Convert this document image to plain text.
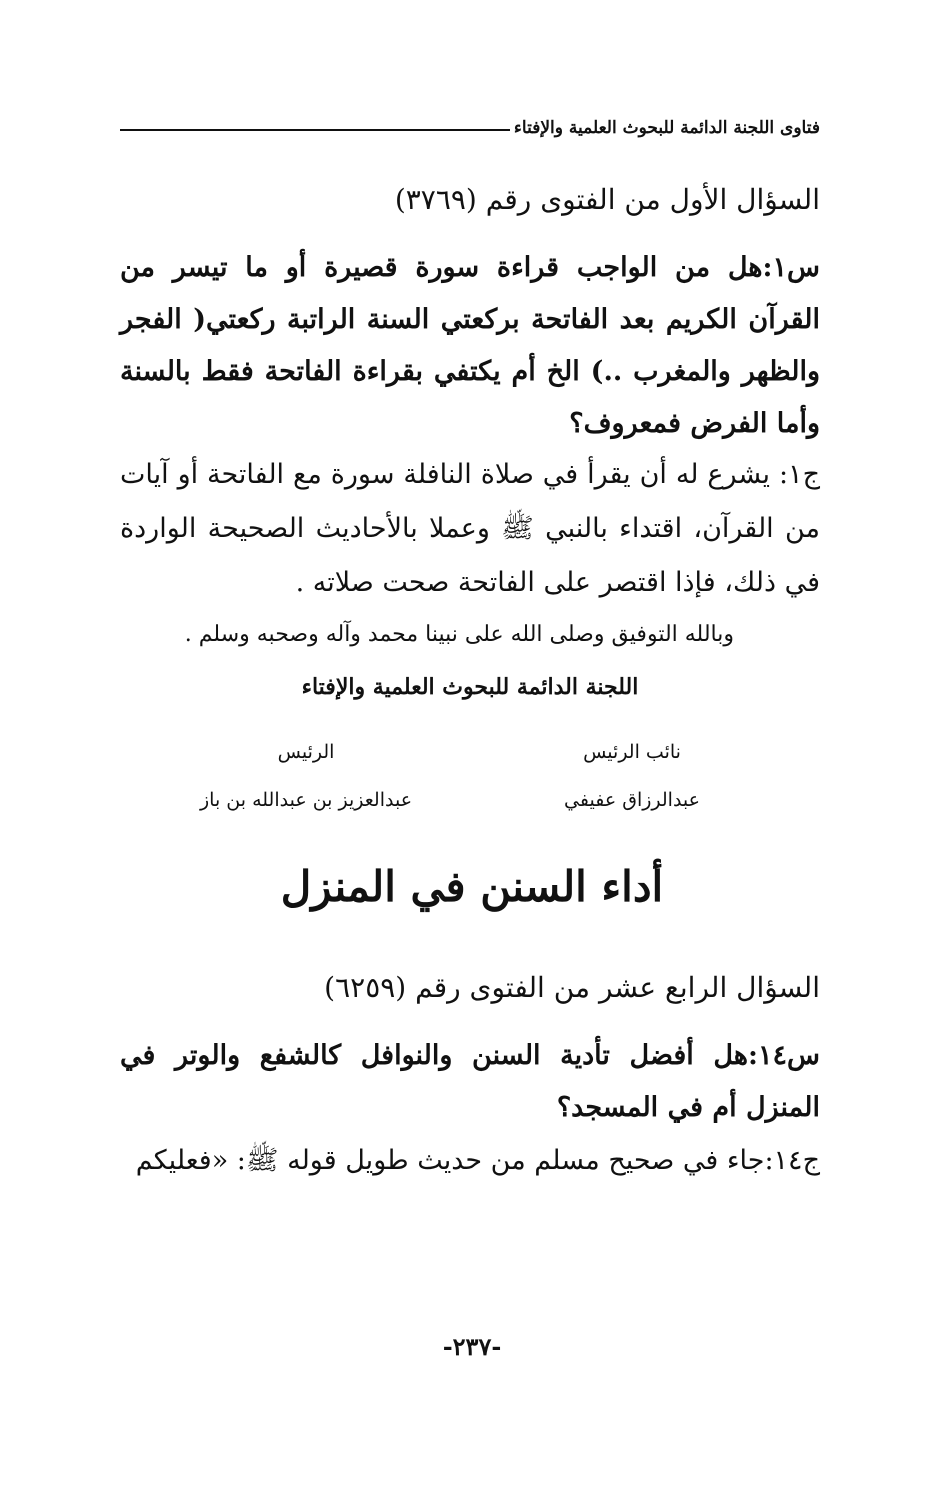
فتاوى اللجنة الدائمة للبحوث العلمية والإفتاء
السؤال الأول من الفتوى رقم (٣٧٦٩)
س١:هل من الواجب قراءة سورة قصيرة أو ما تيسر من القرآن الكريم بعد الفاتحة بركعتي السنة الراتبة ركعتي( الفجر والظهر والمغرب ..) الخ أم يكتفي بقراءة الفاتحة فقط بالسنة وأما الفرض فمعروف؟
ج١: يشرع له أن يقرأ في صلاة النافلة سورة مع الفاتحة أو آيات من القرآن، اقتداء بالنبي ﷺ وعملا بالأحاديث الصحيحة الواردة في ذلك، فإذا اقتصر على الفاتحة صحت صلاته .
وبالله التوفيق وصلى الله على نبينا محمد وآله وصحبه وسلم .
اللجنة الدائمة للبحوث العلمية والإفتاء
نائب الرئيس
عبدالرزاق عفيفي
الرئيس
عبدالعزيز بن عبدالله بن باز
أداء السنن في المنزل
السؤال الرابع عشر من الفتوى رقم (٦٢٥٩)
س١٤:هل أفضل تأدية السنن والنوافل كالشفع والوتر في المنزل أم في المسجد؟
ج١٤:جاء في صحيح مسلم من حديث طويل قوله ﷺ: «فعليكم
-٢٣٧-
